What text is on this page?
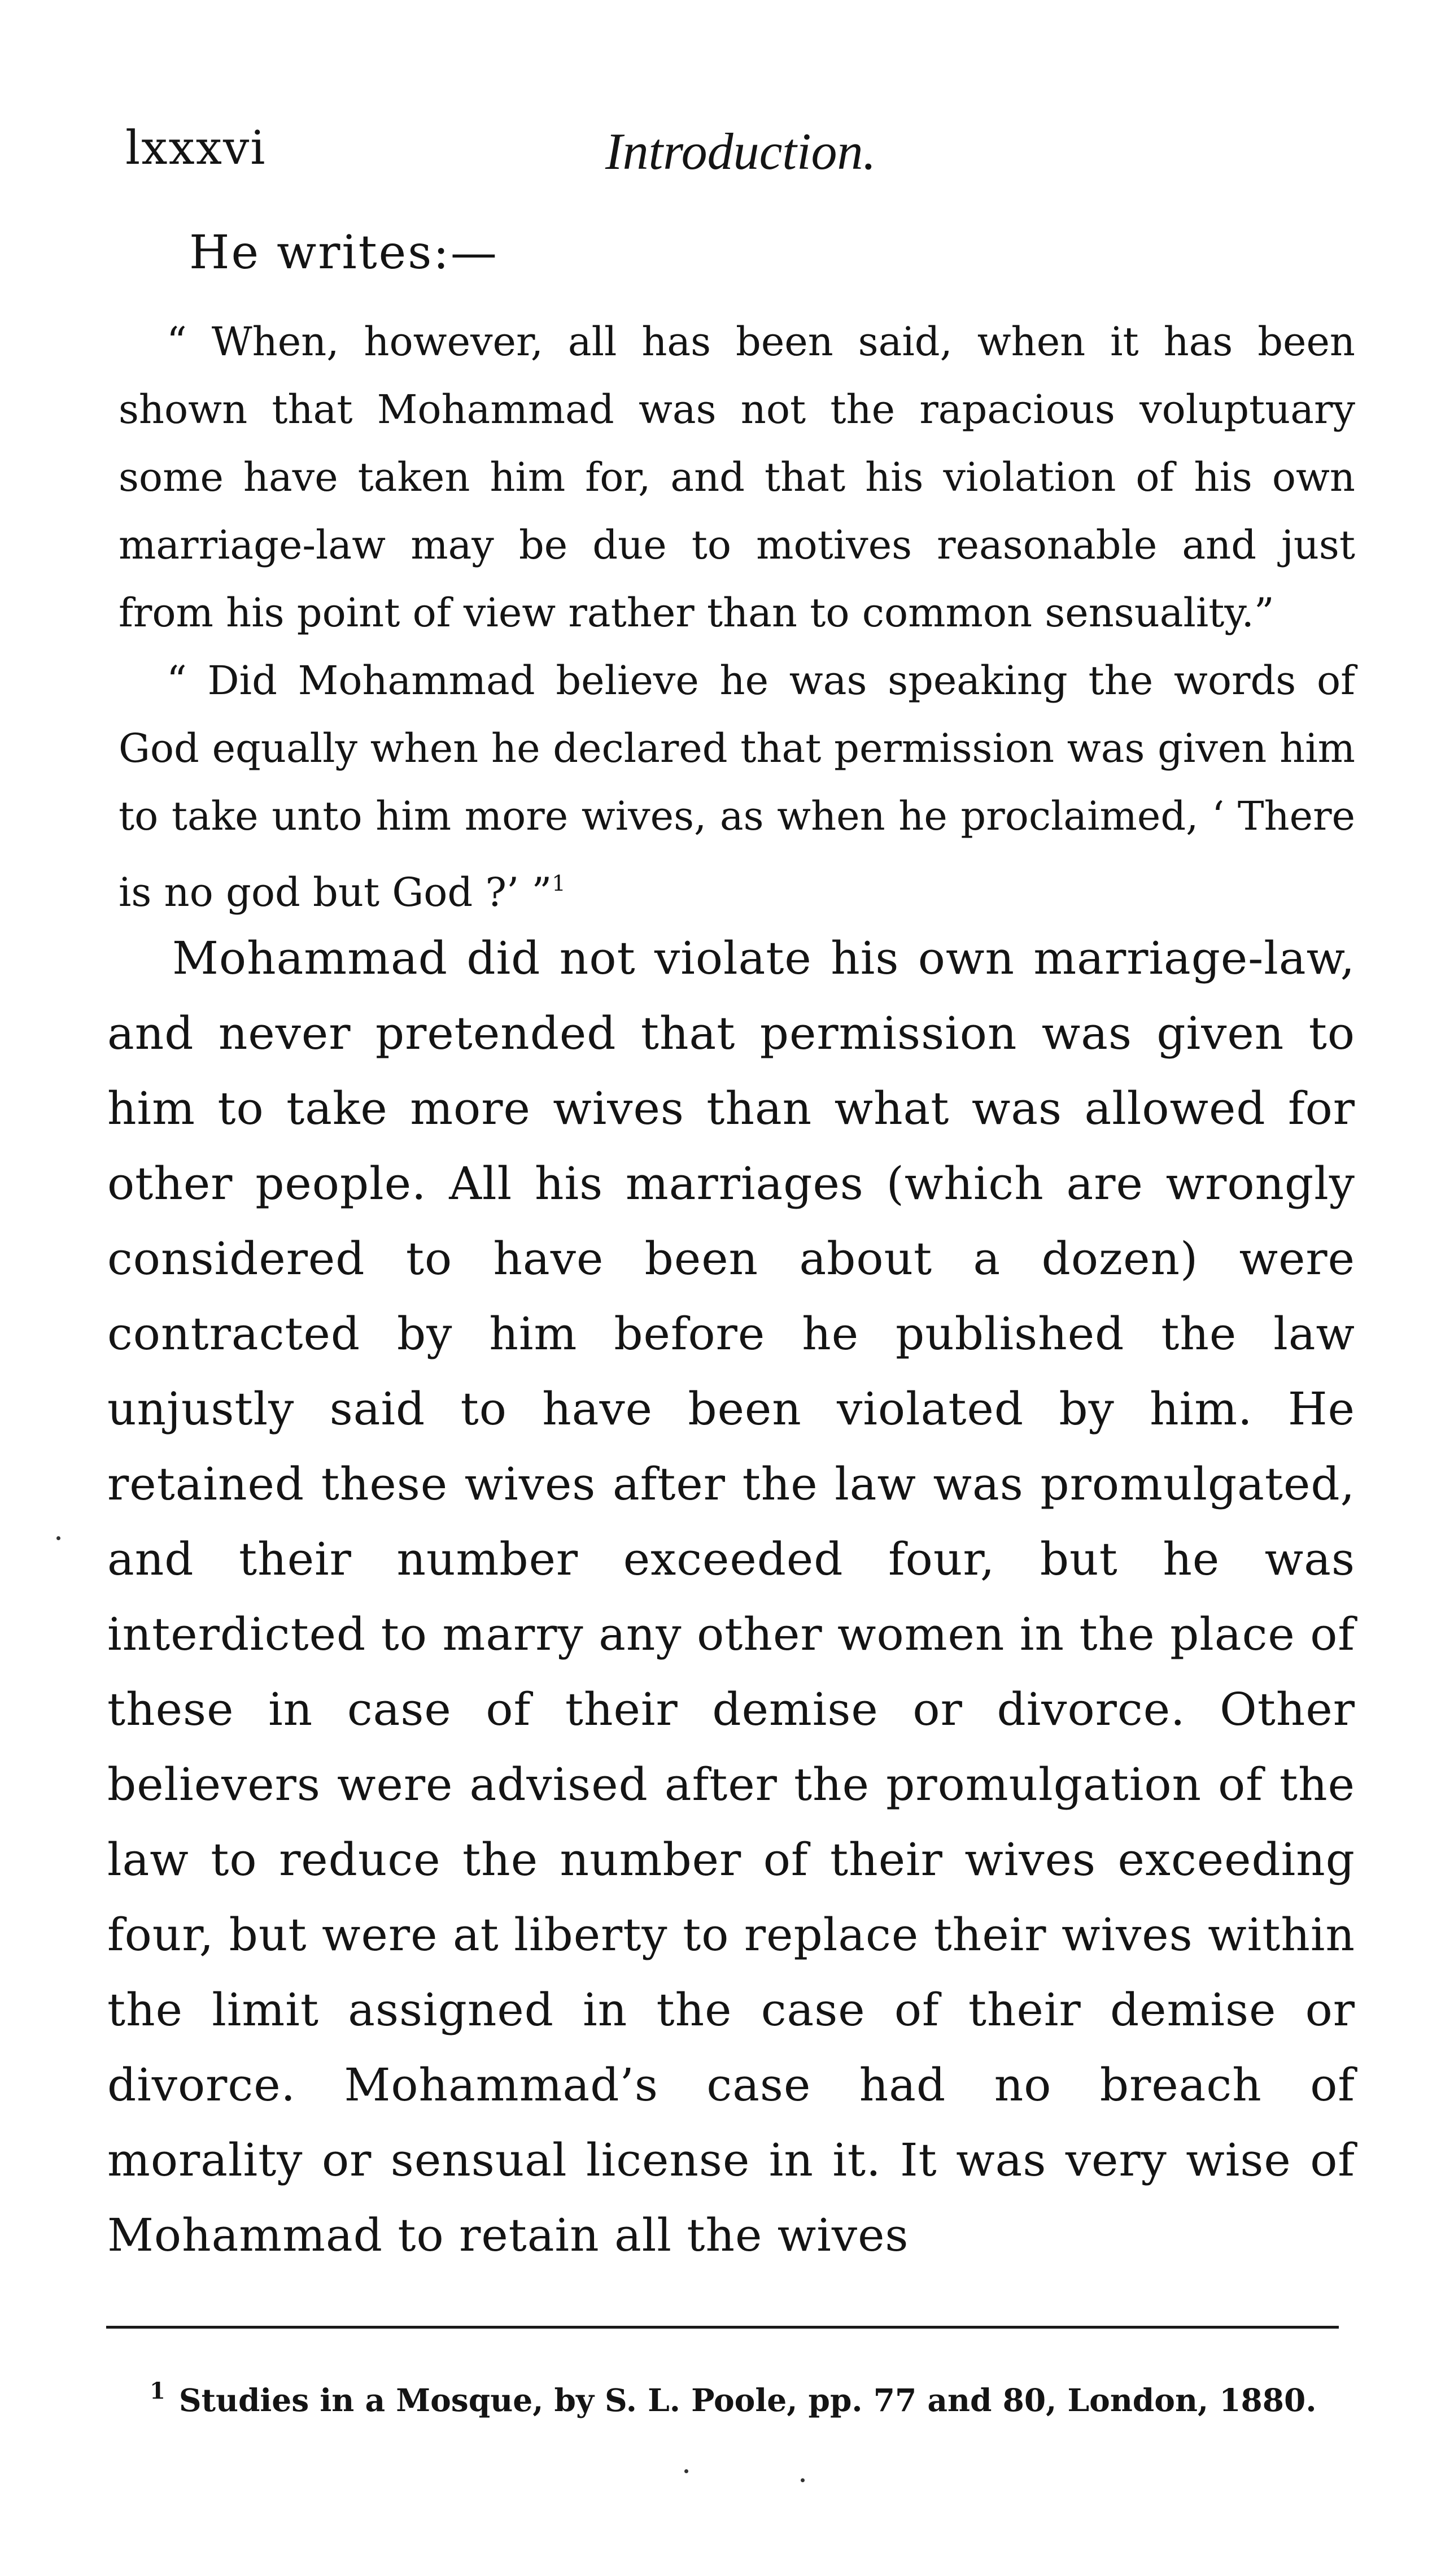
lxxxvi	Introduction.

He writes:—

“ When, however, all has been said, when it has been shown that Mohammad was not the rapacious voluptuary some have taken him for, and that his violation of his own marriage-law may be due to motives reasonable and just from his point of view rather than to common sensuality.”

“ Did Mohammad believe he was speaking the words of God equally when he declared that permission was given him to take unto him more wives, as when he proclaimed, ‘ There is no god but God ?’ ”$^1$

Mohammad did not violate his own marriage-law, and never pretended that permission was given to him to take more wives than what was allowed for other people. All his marriages (which are wrongly considered to have been about a dozen) were contracted by him before he published the law unjustly said to have been violated by him. He retained these wives after the law was promulgated, and their number exceeded four, but he was interdicted to marry any other women in the place of these in case of their demise or divorce. Other believers were advised after the promulgation of the law to reduce the number of their wives exceeding four, but were at liberty to replace their wives within the limit assigned in the case of their demise or divorce. Mohammad’s case had no breach of morality or sensual license in it. It was very wise of Mohammad to retain all the wives

$^1$ Studies in a Mosque, by S. L. Poole, pp. 77 and 80, London, 1880.
